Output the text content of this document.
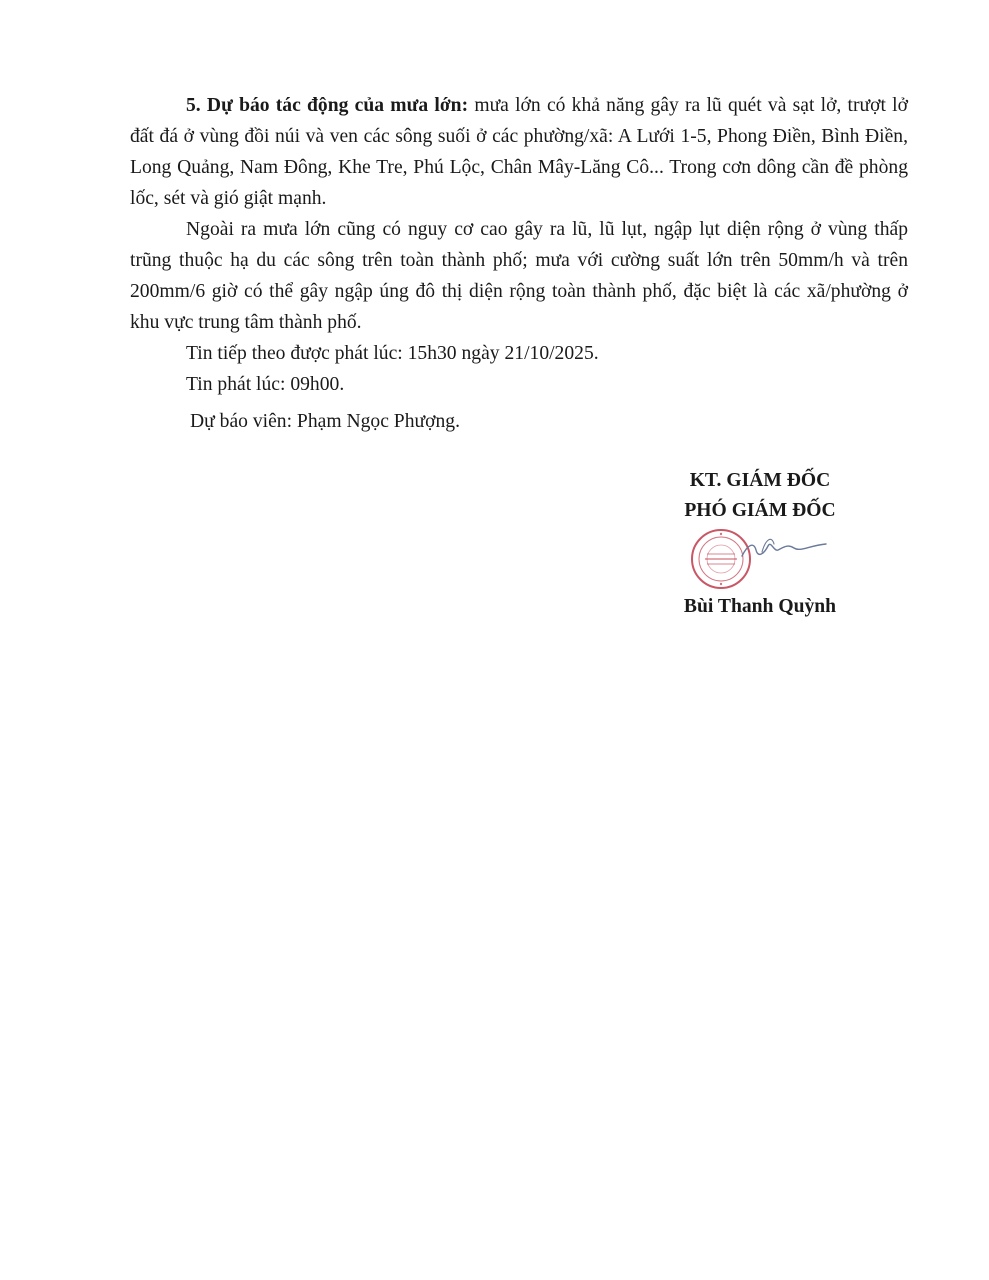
5. Dự báo tác động của mưa lớn: mưa lớn có khả năng gây ra lũ quét và sạt lở, trượt lở đất đá ở vùng đồi núi và ven các sông suối ở các phường/xã: A Lưới 1-5, Phong Điền, Bình Điền, Long Quảng, Nam Đông, Khe Tre, Phú Lộc, Chân Mây-Lăng Cô... Trong cơn dông cần đề phòng lốc, sét và gió giật mạnh.

Ngoài ra mưa lớn cũng có nguy cơ cao gây ra lũ, lũ lụt, ngập lụt diện rộng ở vùng thấp trũng thuộc hạ du các sông trên toàn thành phố; mưa với cường suất lớn trên 50mm/h và trên 200mm/6 giờ có thể gây ngập úng đô thị diện rộng toàn thành phố, đặc biệt là các xã/phường ở khu vực trung tâm thành phố.

Tin tiếp theo được phát lúc: 15h30 ngày 21/10/2025.

Tin phát lúc: 09h00.

Dự báo viên: Phạm Ngọc Phượng.

KT. GIÁM ĐỐC
PHÓ GIÁM ĐỐC
Bùi Thanh Quỳnh
